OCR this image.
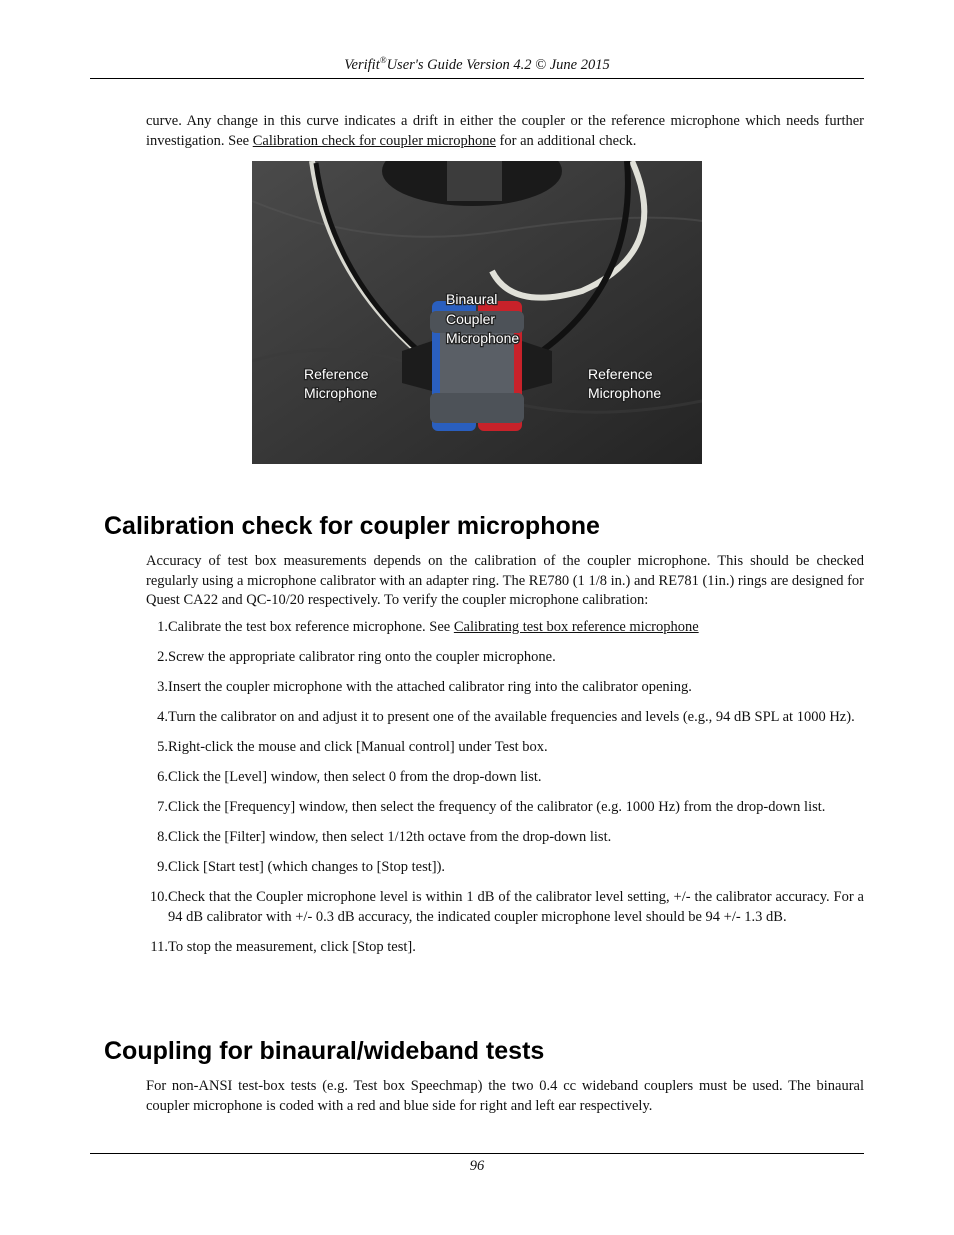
Verifit®User's Guide Version 4.2 © June 2015
curve. Any change in this curve indicates a drift in either the coupler or the reference microphone which needs further investigation. See Calibration check for coupler microphone for an additional check.
Binaural
Coupler
Microphone
Reference
Microphone
Reference
Microphone
Calibration check for coupler microphone
Accuracy of test box measurements depends on the calibration of the coupler microphone. This should be checked regularly using a microphone calibrator with an adapter ring. The RE780 (1 1/8 in.) and RE781 (1in.) rings are designed for Quest CA22 and QC-10/20 respectively. To verify the coupler microphone calibration:
1. Calibrate the test box reference microphone. See Calibrating test box reference microphone
2. Screw the appropriate calibrator ring onto the coupler microphone.
3. Insert the coupler microphone with the attached calibrator ring into the calibrator opening.
4. Turn the calibrator on and adjust it to present one of the available frequencies and levels (e.g., 94 dB SPL at 1000 Hz).
5. Right-click the mouse and click [Manual control] under Test box.
6. Click the [Level] window, then select 0 from the drop-down list.
7. Click the [Frequency] window, then select the frequency of the calibrator (e.g. 1000 Hz) from the drop-down list.
8. Click the [Filter] window, then select 1/12th octave from the drop-down list.
9. Click [Start test] (which changes to [Stop test]).
10. Check that the Coupler microphone level is within 1 dB of the calibrator level setting, +/- the calibrator accuracy. For a 94 dB calibrator with +/- 0.3 dB accuracy, the indicated coupler microphone level should be 94 +/- 1.3 dB.
11. To stop the measurement, click [Stop test].
Coupling for binaural/wideband tests
For non-ANSI test-box tests (e.g. Test box Speechmap) the two 0.4 cc wideband couplers must be used. The binaural coupler microphone is coded with a red and blue side for right and left ear respectively.
96
